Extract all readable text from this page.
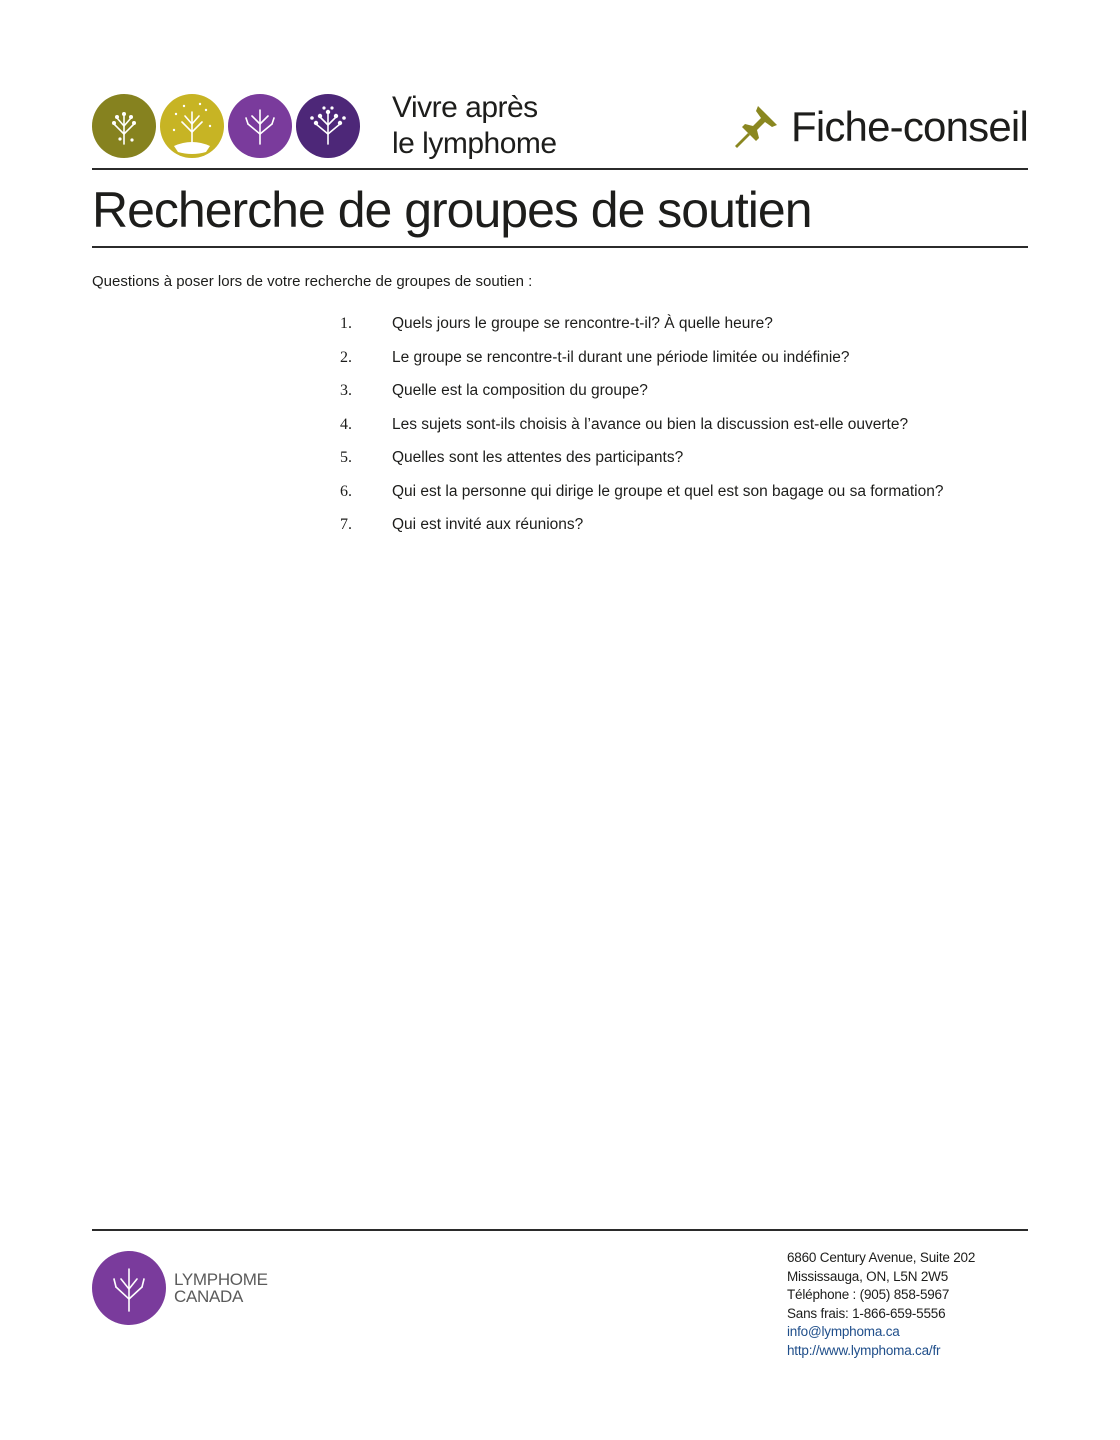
Vivre après
le lymphome	Fiche-conseil
Recherche de groupes de soutien
Questions à poser lors de votre recherche de groupes de soutien :
1.	Quels jours le groupe se rencontre-t-il? À quelle heure?
2.	Le groupe se rencontre-t-il durant une période limitée ou indéfinie?
3.	Quelle est la composition du groupe?
4.	Les sujets sont-ils choisis à l’avance ou bien la discussion est-elle ouverte?
5.	Quelles sont les attentes des participants?
6.	Qui est la personne qui dirige le groupe et quel est son bagage ou sa formation?
7.	Qui est invité aux réunions?
LYMPHOME
CANADA
6860 Century Avenue, Suite 202
Mississauga, ON, L5N 2W5
Téléphone : (905) 858-5967
Sans frais: 1-866-659-5556
info@lymphoma.ca
http://www.lymphoma.ca/fr
